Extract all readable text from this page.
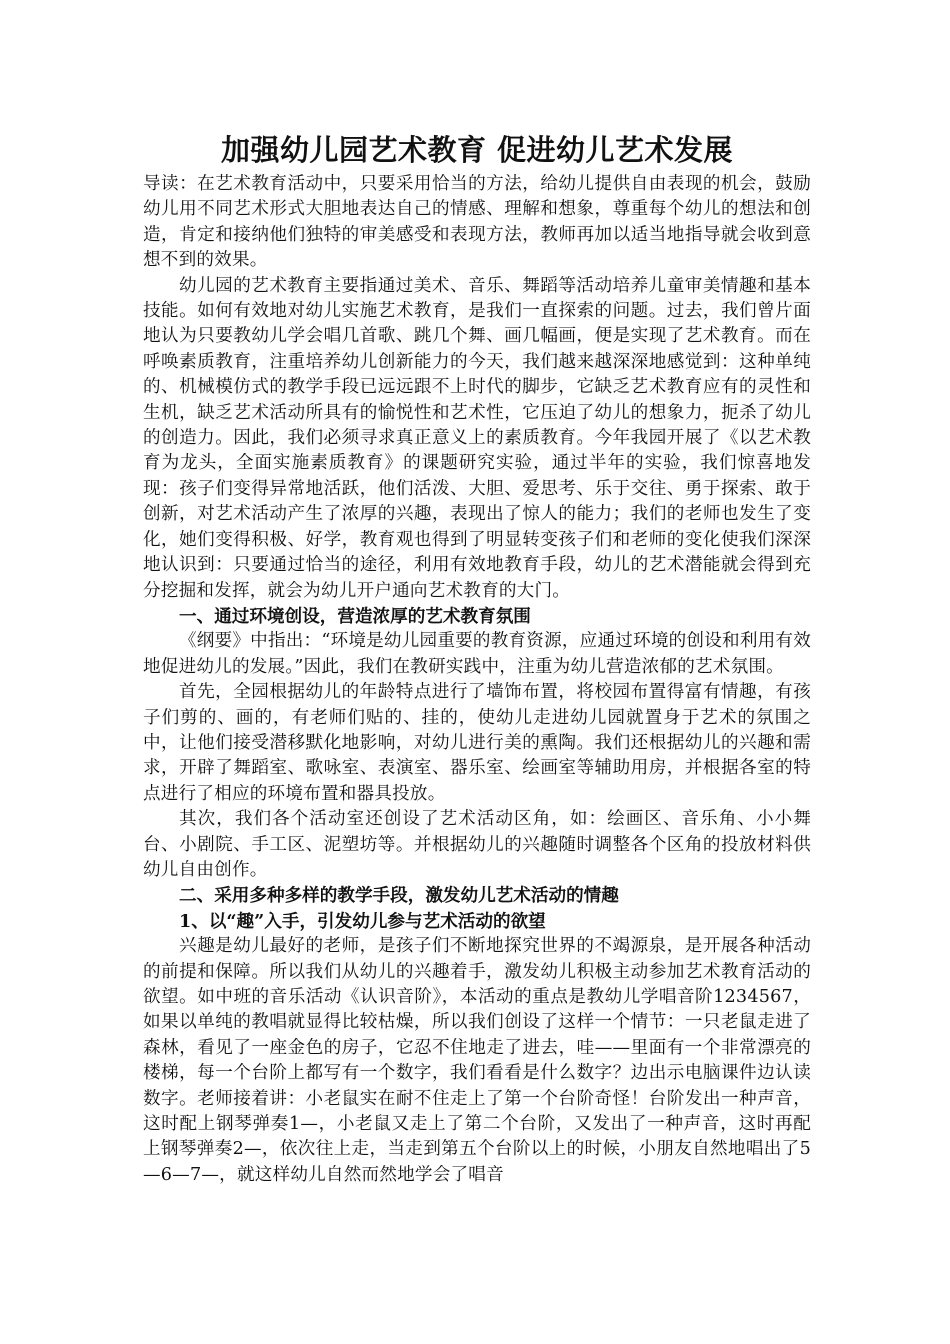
加强幼儿园艺术教育 促进幼儿艺术发展

导读：在艺术教育活动中，只要采用恰当的方法，给幼儿提供自由表现的机会，鼓励幼儿用不同艺术形式大胆地表达自己的情感、理解和想象，尊重每个幼儿的想法和创造，肯定和接纳他们独特的审美感受和表现方法，教师再加以适当地指导就会收到意想不到的效果。

幼儿园的艺术教育主要指通过美术、音乐、舞蹈等活动培养儿童审美情趣和基本技能。如何有效地对幼儿实施艺术教育，是我们一直探索的问题。过去，我们曾片面地认为只要教幼儿学会唱几首歌、跳几个舞、画几幅画，便是实现了艺术教育。而在呼唤素质教育，注重培养幼儿创新能力的今天，我们越来越深深地感觉到：这种单纯的、机械模仿式的教学手段已远远跟不上时代的脚步，它缺乏艺术教育应有的灵性和生机，缺乏艺术活动所具有的愉悦性和艺术性，它压迫了幼儿的想象力，扼杀了幼儿的创造力。因此，我们必须寻求真正意义上的素质教育。今年我园开展了《以艺术教育为龙头，全面实施素质教育》的课题研究实验，通过半年的实验，我们惊喜地发现：孩子们变得异常地活跃，他们活泼、大胆、爱思考、乐于交往、勇于探索、敢于创新，对艺术活动产生了浓厚的兴趣，表现出了惊人的能力；我们的老师也发生了变化，她们变得积极、好学，教育观也得到了明显转变孩子们和老师的变化使我们深深地认识到：只要通过恰当的途径，利用有效地教育手段，幼儿的艺术潜能就会得到充分挖掘和发挥，就会为幼儿开户通向艺术教育的大门。

一、通过环境创设，营造浓厚的艺术教育氛围

《纲要》中指出：“环境是幼儿园重要的教育资源，应通过环境的创设和利用有效地促进幼儿的发展。”因此，我们在教研实践中，注重为幼儿营造浓郁的艺术氛围。

首先，全园根据幼儿的年龄特点进行了墙饰布置，将校园布置得富有情趣，有孩子们剪的、画的，有老师们贴的、挂的，使幼儿走进幼儿园就置身于艺术的氛围之中，让他们接受潜移默化地影响，对幼儿进行美的熏陶。我们还根据幼儿的兴趣和需求，开辟了舞蹈室、歌咏室、表演室、器乐室、绘画室等辅助用房，并根据各室的特点进行了相应的环境布置和器具投放。

其次，我们各个活动室还创设了艺术活动区角，如：绘画区、音乐角、小小舞台、小剧院、手工区、泥塑坊等。并根据幼儿的兴趣随时调整各个区角的投放材料供幼儿自由创作。

二、采用多种多样的教学手段，激发幼儿艺术活动的情趣

1、以“趣”入手，引发幼儿参与艺术活动的欲望

兴趣是幼儿最好的老师，是孩子们不断地探究世界的不竭源泉，是开展各种活动的前提和保障。所以我们从幼儿的兴趣着手，激发幼儿积极主动参加艺术教育活动的欲望。如中班的音乐活动《认识音阶》，本活动的重点是教幼儿学唱音阶1234567，如果以单纯的教唱就显得比较枯燥，所以我们创设了这样一个情节：一只老鼠走进了森林，看见了一座金色的房子，它忍不住地走了进去，哇——里面有一个非常漂亮的楼梯，每一个台阶上都写有一个数字，我们看看是什么数字？边出示电脑课件边认读数字。老师接着讲：小老鼠实在耐不住走上了第一个台阶奇怪！台阶发出一种声音，这时配上钢琴弹奏1—，小老鼠又走上了第二个台阶，又发出了一种声音，这时再配上钢琴弹奏2—，依次往上走，当走到第五个台阶以上的时候，小朋友自然地唱出了5—6—7—，就这样幼儿自然而然地学会了唱音
